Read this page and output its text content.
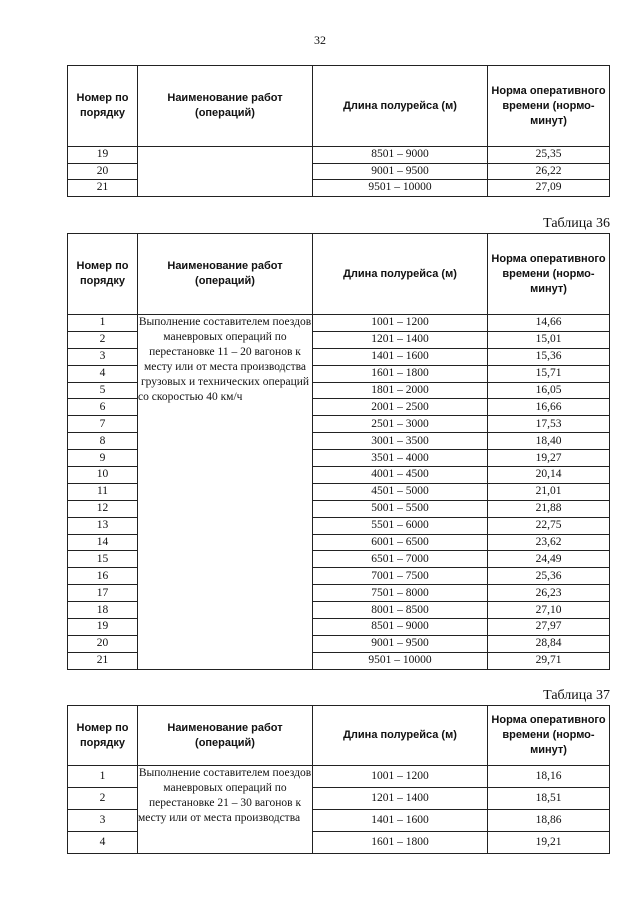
32
Номер по порядку	Наименование работ (операций)	Длина полурейса (м)	Норма оперативного времени (нормо-минут)
19		8501 – 9000	25,35
20		9001 – 9500	26,22
21		9501 – 10000	27,09
Таблица 36
Номер по порядку	Наименование работ (операций)	Длина полурейса (м)	Норма оперативного времени (нормо-минут)
1	Выполнение составителем поездов маневровых операций по перестановке 11 – 20 вагонов к месту или от места производства грузовых и технических операций со скоростью 40 км/ч	1001 – 1200	14,66
2		1201 – 1400	15,01
3		1401 – 1600	15,36
4		1601 – 1800	15,71
5		1801 – 2000	16,05
6		2001 – 2500	16,66
7		2501 – 3000	17,53
8		3001 – 3500	18,40
9		3501 – 4000	19,27
10		4001 – 4500	20,14
11		4501 – 5000	21,01
12		5001 – 5500	21,88
13		5501 – 6000	22,75
14		6001 – 6500	23,62
15		6501 – 7000	24,49
16		7001 – 7500	25,36
17		7501 – 8000	26,23
18		8001 – 8500	27,10
19		8501 – 9000	27,97
20		9001 – 9500	28,84
21		9501 – 10000	29,71
Таблица 37
Номер по порядку	Наименование работ (операций)	Длина полурейса (м)	Норма оперативного времени (нормо-минут)
1	Выполнение составителем поездов маневровых операций по перестановке 21 – 30 вагонов к месту или от места производства	1001 – 1200	18,16
2		1201 – 1400	18,51
3		1401 – 1600	18,86
4		1601 – 1800	19,21
